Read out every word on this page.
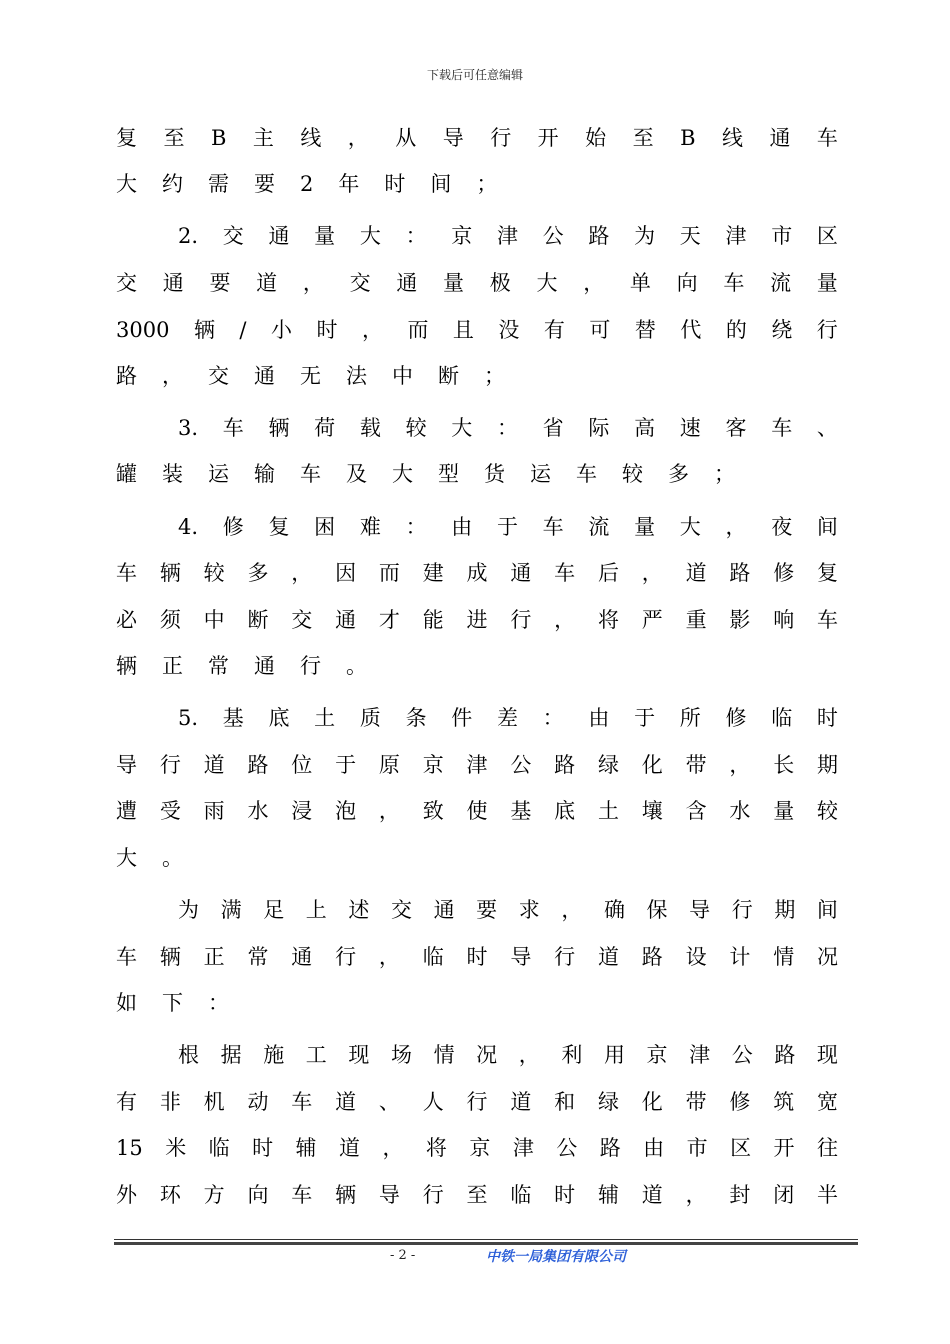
下载后可任意编辑
复 至 B 主 线 ， 从 导 行 开 始 至 B 线 通 车
大 约 需 要 2 年 时 间 ；
2. 交 通 量 大 ： 京 津 公 路 为 天 津 市 区
交 通 要 道 ， 交 通 量 极 大 ， 单 向 车 流 量
3000 辆 / 小 时 ， 而 且 没 有 可 替 代 的 绕 行
路 ， 交 通 无 法 中 断 ；
3. 车 辆 荷 载 较 大 ： 省 际 高 速 客 车 、
罐 装 运 输 车 及 大 型 货 运 车 较 多 ；
4. 修 复 困 难 ： 由 于 车 流 量 大 ， 夜 间
车 辆 较 多 ， 因 而 建 成 通 车 后 ， 道 路 修 复
必 须 中 断 交 通 才 能 进 行 ， 将 严 重 影 响 车
辆 正 常 通 行 。
5. 基 底 土 质 条 件 差 ： 由 于 所 修 临 时
导 行 道 路 位 于 原 京 津 公 路 绿 化 带 ， 长 期
遭 受 雨 水 浸 泡 ， 致 使 基 底 土 壤 含 水 量 较
大 。
为 满 足 上 述 交 通 要 求 ， 确 保 导 行 期 间
车 辆 正 常 通 行 ， 临 时 导 行 道 路 设 计 情 况
如 下 ：
根 据 施 工 现 场 情 况 ， 利 用 京 津 公 路 现
有 非 机 动 车 道 、 人 行 道 和 绿 化 带 修 筑 宽
15 米 临 时 辅 道 ， 将 京 津 公 路 由 市 区 开 往
外 环 方 向 车 辆 导 行 至 临 时 辅 道 ， 封 闭 半
- 2 -	中铁一局集团有限公司
